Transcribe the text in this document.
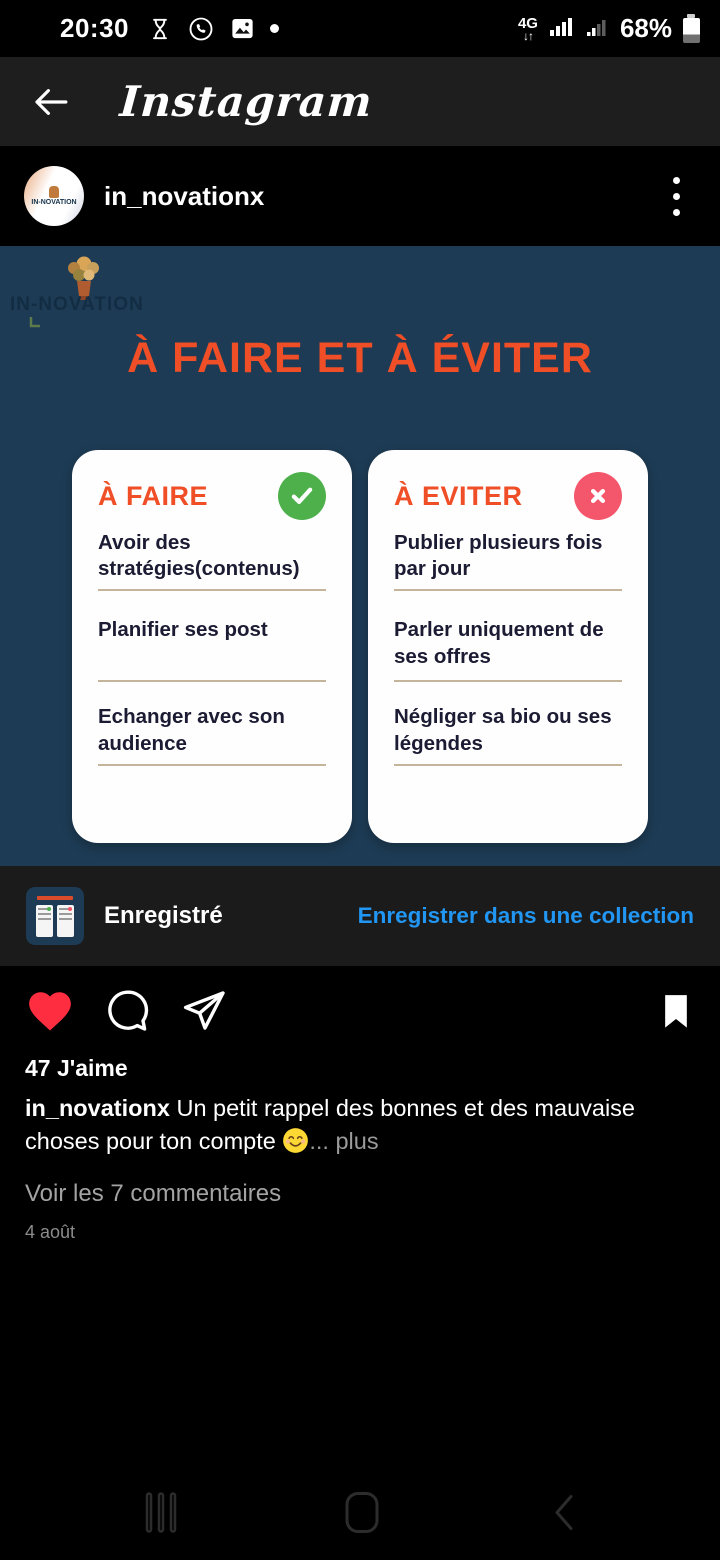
20:30	4G
↓↑	68%
Instagram
IN-NOVATION in_novationx
IN-NOVATION
À FAIRE ET À ÉVITER
À FAIRE
Avoir des stratégies(contenus)
Planifier ses post
Echanger avec son audience
À EVITER
Publier plusieurs fois par jour
Parler uniquement de ses offres
Négliger sa bio ou ses légendes
Enregistré	Enregistrer dans une collection
47 J'aime
in_novationx Un petit rappel des bonnes et des mauvaise choses pour ton compte ... plus
Voir les 7 commentaires
4 août
